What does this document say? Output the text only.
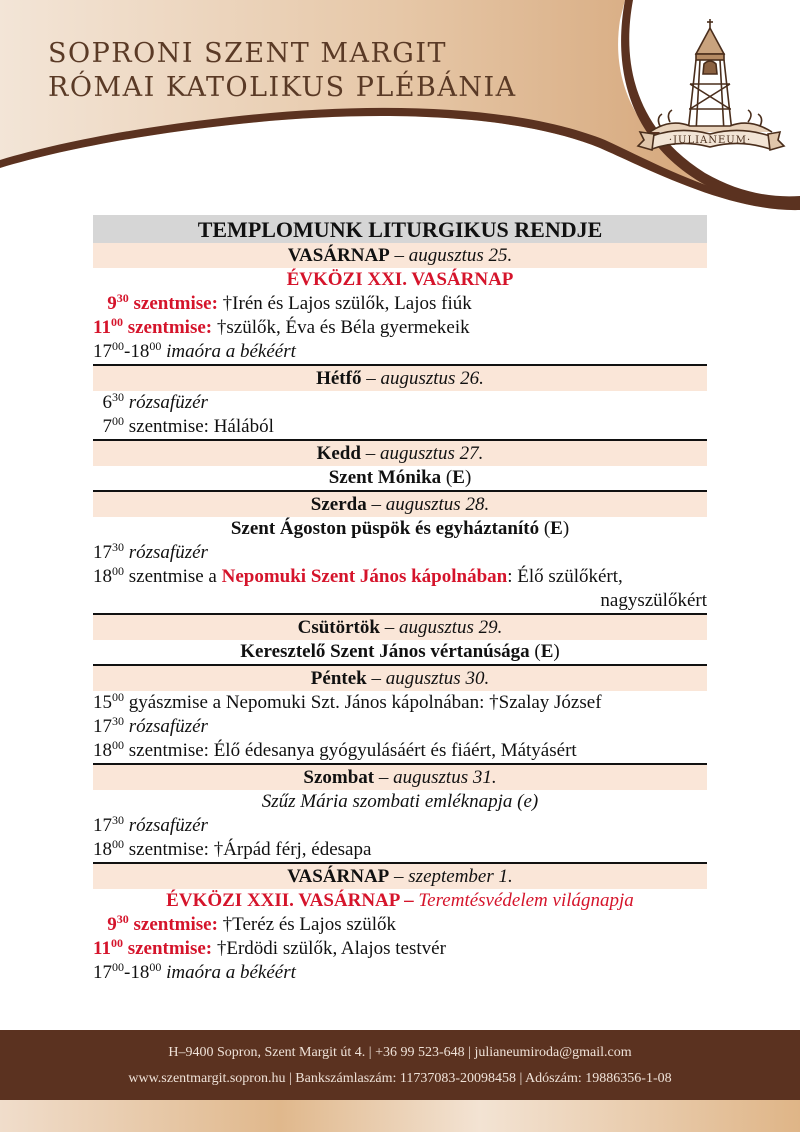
SOPRONI SZENT MARGIT
RÓMAI KATOLIKUS PLÉBÁNIA
·JULIANEUM·
TEMPLOMUNK LITURGIKUS RENDJE
VASÁRNAP – augusztus 25.
ÉVKÖZI XXI. VASÁRNAP
$9^{30}$ szentmise: †Irén és Lajos szülők, Lajos fiúk
$11^{00}$ szentmise: †szülők, Éva és Béla gyermekeik
$17^{00}-18^{00}$ imaóra a békéért
Hétfő – augusztus 26.
$6^{30}$ rózsafüzér
$7^{00}$ szentmise: Hálából
Kedd – augusztus 27.
Szent Mónika (E)
Szerda – augusztus 28.
Szent Ágoston püspök és egyháztanító (E)
$17^{30}$ rózsafüzér
$18^{00}$ szentmise a Nepomuki Szent János kápolnában: Élő szülőkért,
nagyszülőkért
Csütörtök – augusztus 29.
Keresztelő Szent János vértanúsága (E)
Péntek – augusztus 30.
$15^{00}$ gyászmise a Nepomuki Szt. János kápolnában: †Szalay József
$17^{30}$ rózsafüzér
$18^{00}$ szentmise: Élő édesanya gyógyulásáért és fiáért, Mátyásért
Szombat – augusztus 31.
Szűz Mária szombati emléknapja (e)
$17^{30}$ rózsafüzér
$18^{00}$ szentmise: †Árpád férj, édesapa
VASÁRNAP – szeptember 1.
ÉVKÖZI XXII. VASÁRNAP – Teremtésvédelem világnapja
$9^{30}$ szentmise: †Teréz és Lajos szülők
$11^{00}$ szentmise: †Erdödi szülők, Alajos testvér
$17^{00}-18^{00}$ imaóra a békéért
H–9400 Sopron, Szent Margit út 4. | +36 99 523-648 | julianeumiroda@gmail.com
www.szentmargit.sopron.hu | Bankszámlaszám: 11737083-20098458 | Adószám: 19886356-1-08
